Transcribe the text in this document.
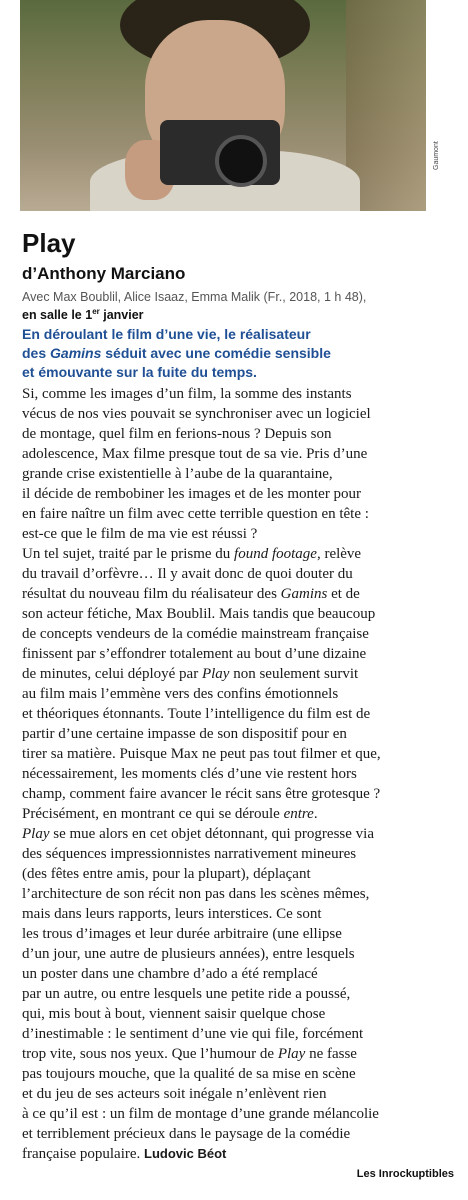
Gaumont
Play
d’Anthony Marciano
Avec Max Boublil, Alice Isaaz, Emma Malik (Fr., 2018, 1 h 48),
en salle le 1er janvier
En déroulant le film d’une vie, le réalisateur
des Gamins séduit avec une comédie sensible
et émouvante sur la fuite du temps.
Si, comme les images d’un film, la somme des instants
vécus de nos vies pouvait se synchroniser avec un logiciel
de montage, quel film en ferions-nous ? Depuis son
adolescence, Max filme presque tout de sa vie. Pris d’une
grande crise existentielle à l’aube de la quarantaine,
il décide de rembobiner les images et de les monter pour
en faire naître un film avec cette terrible question en tête :
est-ce que le film de ma vie est réussi ?
Un tel sujet, traité par le prisme du found footage, relève
du travail d’orfèvre… Il y avait donc de quoi douter du
résultat du nouveau film du réalisateur des Gamins et de
son acteur fétiche, Max Boublil. Mais tandis que beaucoup
de concepts vendeurs de la comédie mainstream française
finissent par s’effondrer totalement au bout d’une dizaine
de minutes, celui déployé par Play non seulement survit
au film mais l’emmène vers des confins émotionnels
et théoriques étonnants. Toute l’intelligence du film est de
partir d’une certaine impasse de son dispositif pour en
tirer sa matière. Puisque Max ne peut pas tout filmer et que,
nécessairement, les moments clés d’une vie restent hors
champ, comment faire avancer le récit sans être grotesque ?
Précisément, en montrant ce qui se déroule entre.
Play se mue alors en cet objet détonnant, qui progresse via
des séquences impressionnistes narrativement mineures
(des fêtes entre amis, pour la plupart), déplaçant
l’architecture de son récit non pas dans les scènes mêmes,
mais dans leurs rapports, leurs interstices. Ce sont
les trous d’images et leur durée arbitraire (une ellipse
d’un jour, une autre de plusieurs années), entre lesquels
un poster dans une chambre d’ado a été remplacé
par un autre, ou entre lesquels une petite ride a poussé,
qui, mis bout à bout, viennent saisir quelque chose
d’inestimable : le sentiment d’une vie qui file, forcément
trop vite, sous nos yeux. Que l’humour de Play ne fasse
pas toujours mouche, que la qualité de sa mise en scène
et du jeu de ses acteurs soit inégale n’enlèvent rien
à ce qu’il est : un film de montage d’une grande mélancolie
et terriblement précieux dans le paysage de la comédie
française populaire. Ludovic Béot
Les Inrockuptibles
